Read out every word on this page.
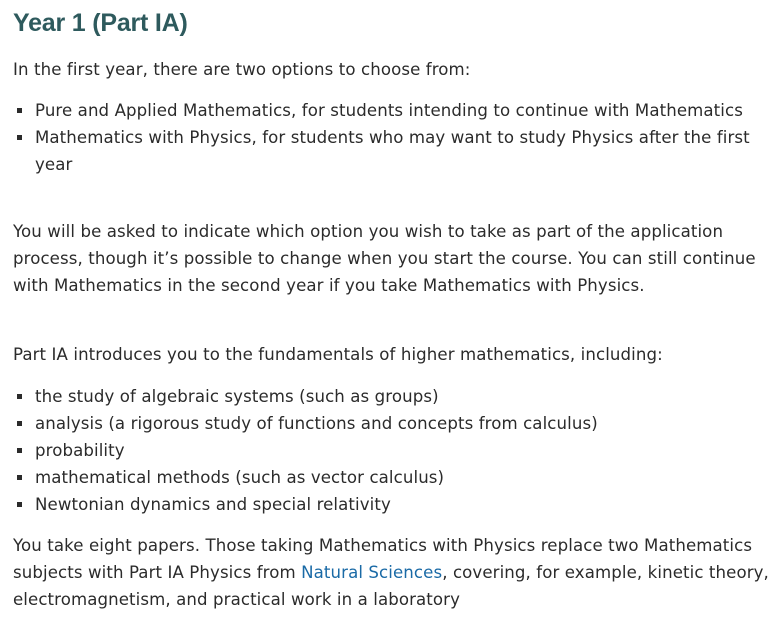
Year 1 (Part IA)

In the first year, there are two options to choose from:

Pure and Applied Mathematics, for students intending to continue with Mathematics
Mathematics with Physics, for students who may want to study Physics after the first year

You will be asked to indicate which option you wish to take as part of the application process, though it’s possible to change when you start the course. You can still continue with Mathematics in the second year if you take Mathematics with Physics.

Part IA introduces you to the fundamentals of higher mathematics, including:

the study of algebraic systems (such as groups)
analysis (a rigorous study of functions and concepts from calculus)
probability
mathematical methods (such as vector calculus)
Newtonian dynamics and special relativity

You take eight papers. Those taking Mathematics with Physics replace two Mathematics subjects with Part IA Physics from Natural Sciences, covering, for example, kinetic theory, electromagnetism, and practical work in a laboratory
